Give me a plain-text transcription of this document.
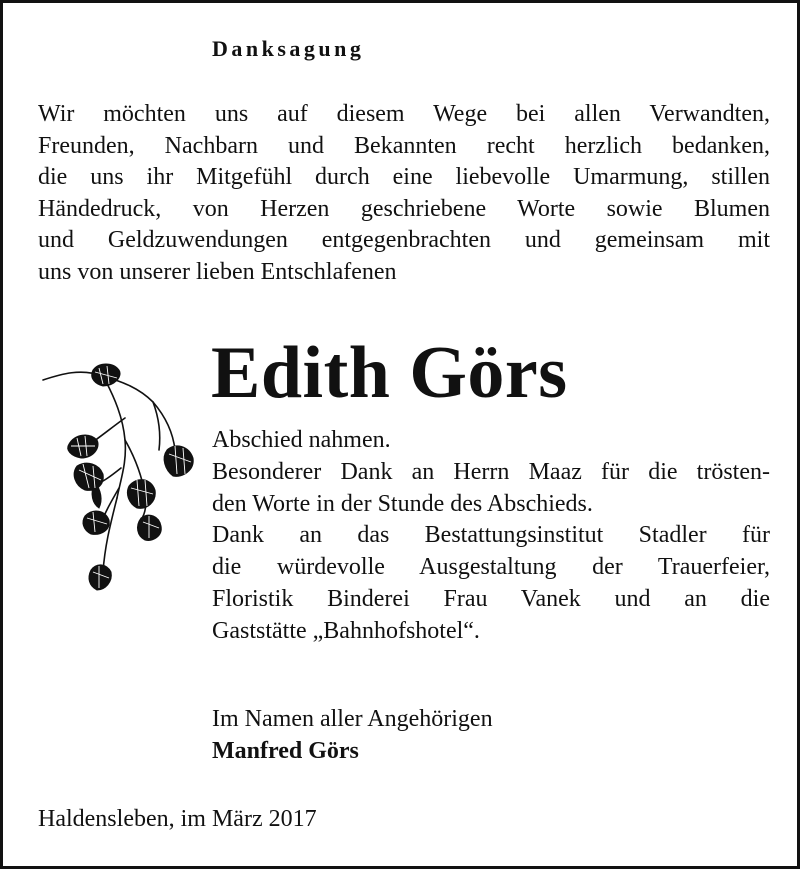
Danksagung
Wir möchten uns auf diesem Wege bei allen Verwandten,
Freunden, Nachbarn und Bekannten recht herzlich bedanken,
die uns ihr Mitgefühl durch eine liebevolle Umarmung, stillen
Händedruck, von Herzen geschriebene Worte sowie Blumen
und Geldzuwendungen entgegenbrachten und gemeinsam mit
uns von unserer lieben Entschlafenen
Edith Görs
Abschied nahmen.
Besonderer Dank an Herrn Maaz für die trösten-
den Worte in der Stunde des Abschieds.
Dank an das Bestattungsinstitut Stadler für
die würdevolle Ausgestaltung der Trauerfeier,
Floristik Binderei Frau Vanek und an die
Gaststätte „Bahnhofshotel“.
Im Namen aller Angehörigen
Manfred Görs
Haldensleben, im März 2017
